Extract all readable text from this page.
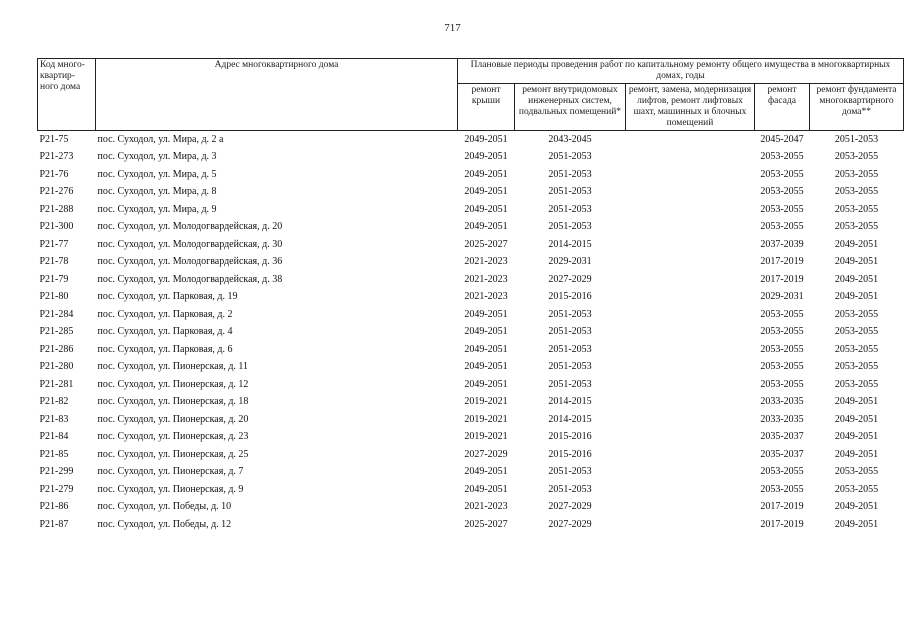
717
Код много-квартир-ного дома	Адрес многоквартирного дома	Плановые периоды проведения работ по капитальному ремонту общего имущества в многоквартирных домах, годы				
		ремонт крыши	ремонт внутридомовых инженерных систем, подвальных помещений*	ремонт, замена, модернизация лифтов, ремонт лифтовых шахт, машинных и блочных помещений	ремонт фасада	ремонт фундамента многоквартирного дома**
Р21-75	пос. Суходол, ул. Мира, д. 2 а	2049-2051	2043-2045		2045-2047	2051-2053
Р21-273	пос. Суходол, ул. Мира, д. 3	2049-2051	2051-2053		2053-2055	2053-2055
Р21-76	пос. Суходол, ул. Мира, д. 5	2049-2051	2051-2053		2053-2055	2053-2055
Р21-276	пос. Суходол, ул. Мира, д. 8	2049-2051	2051-2053		2053-2055	2053-2055
Р21-288	пос. Суходол, ул. Мира, д. 9	2049-2051	2051-2053		2053-2055	2053-2055
Р21-300	пос. Суходол, ул. Молодогвардейская, д. 20	2049-2051	2051-2053		2053-2055	2053-2055
Р21-77	пос. Суходол, ул. Молодогвардейская, д. 30	2025-2027	2014-2015		2037-2039	2049-2051
Р21-78	пос. Суходол, ул. Молодогвардейская, д. 36	2021-2023	2029-2031		2017-2019	2049-2051
Р21-79	пос. Суходол, ул. Молодогвардейская, д. 38	2021-2023	2027-2029		2017-2019	2049-2051
Р21-80	пос. Суходол, ул. Парковая, д. 19	2021-2023	2015-2016		2029-2031	2049-2051
Р21-284	пос. Суходол, ул. Парковая, д. 2	2049-2051	2051-2053		2053-2055	2053-2055
Р21-285	пос. Суходол, ул. Парковая, д. 4	2049-2051	2051-2053		2053-2055	2053-2055
Р21-286	пос. Суходол, ул. Парковая, д. 6	2049-2051	2051-2053		2053-2055	2053-2055
Р21-280	пос. Суходол, ул. Пионерская, д. 11	2049-2051	2051-2053		2053-2055	2053-2055
Р21-281	пос. Суходол, ул. Пионерская, д. 12	2049-2051	2051-2053		2053-2055	2053-2055
Р21-82	пос. Суходол, ул. Пионерская, д. 18	2019-2021	2014-2015		2033-2035	2049-2051
Р21-83	пос. Суходол, ул. Пионерская, д. 20	2019-2021	2014-2015		2033-2035	2049-2051
Р21-84	пос. Суходол, ул. Пионерская, д. 23	2019-2021	2015-2016		2035-2037	2049-2051
Р21-85	пос. Суходол, ул. Пионерская, д. 25	2027-2029	2015-2016		2035-2037	2049-2051
Р21-299	пос. Суходол, ул. Пионерская, д. 7	2049-2051	2051-2053		2053-2055	2053-2055
Р21-279	пос. Суходол, ул. Пионерская, д. 9	2049-2051	2051-2053		2053-2055	2053-2055
Р21-86	пос. Суходол, ул. Победы, д. 10	2021-2023	2027-2029		2017-2019	2049-2051
Р21-87	пос. Суходол, ул. Победы, д. 12	2025-2027	2027-2029		2017-2019	2049-2051
